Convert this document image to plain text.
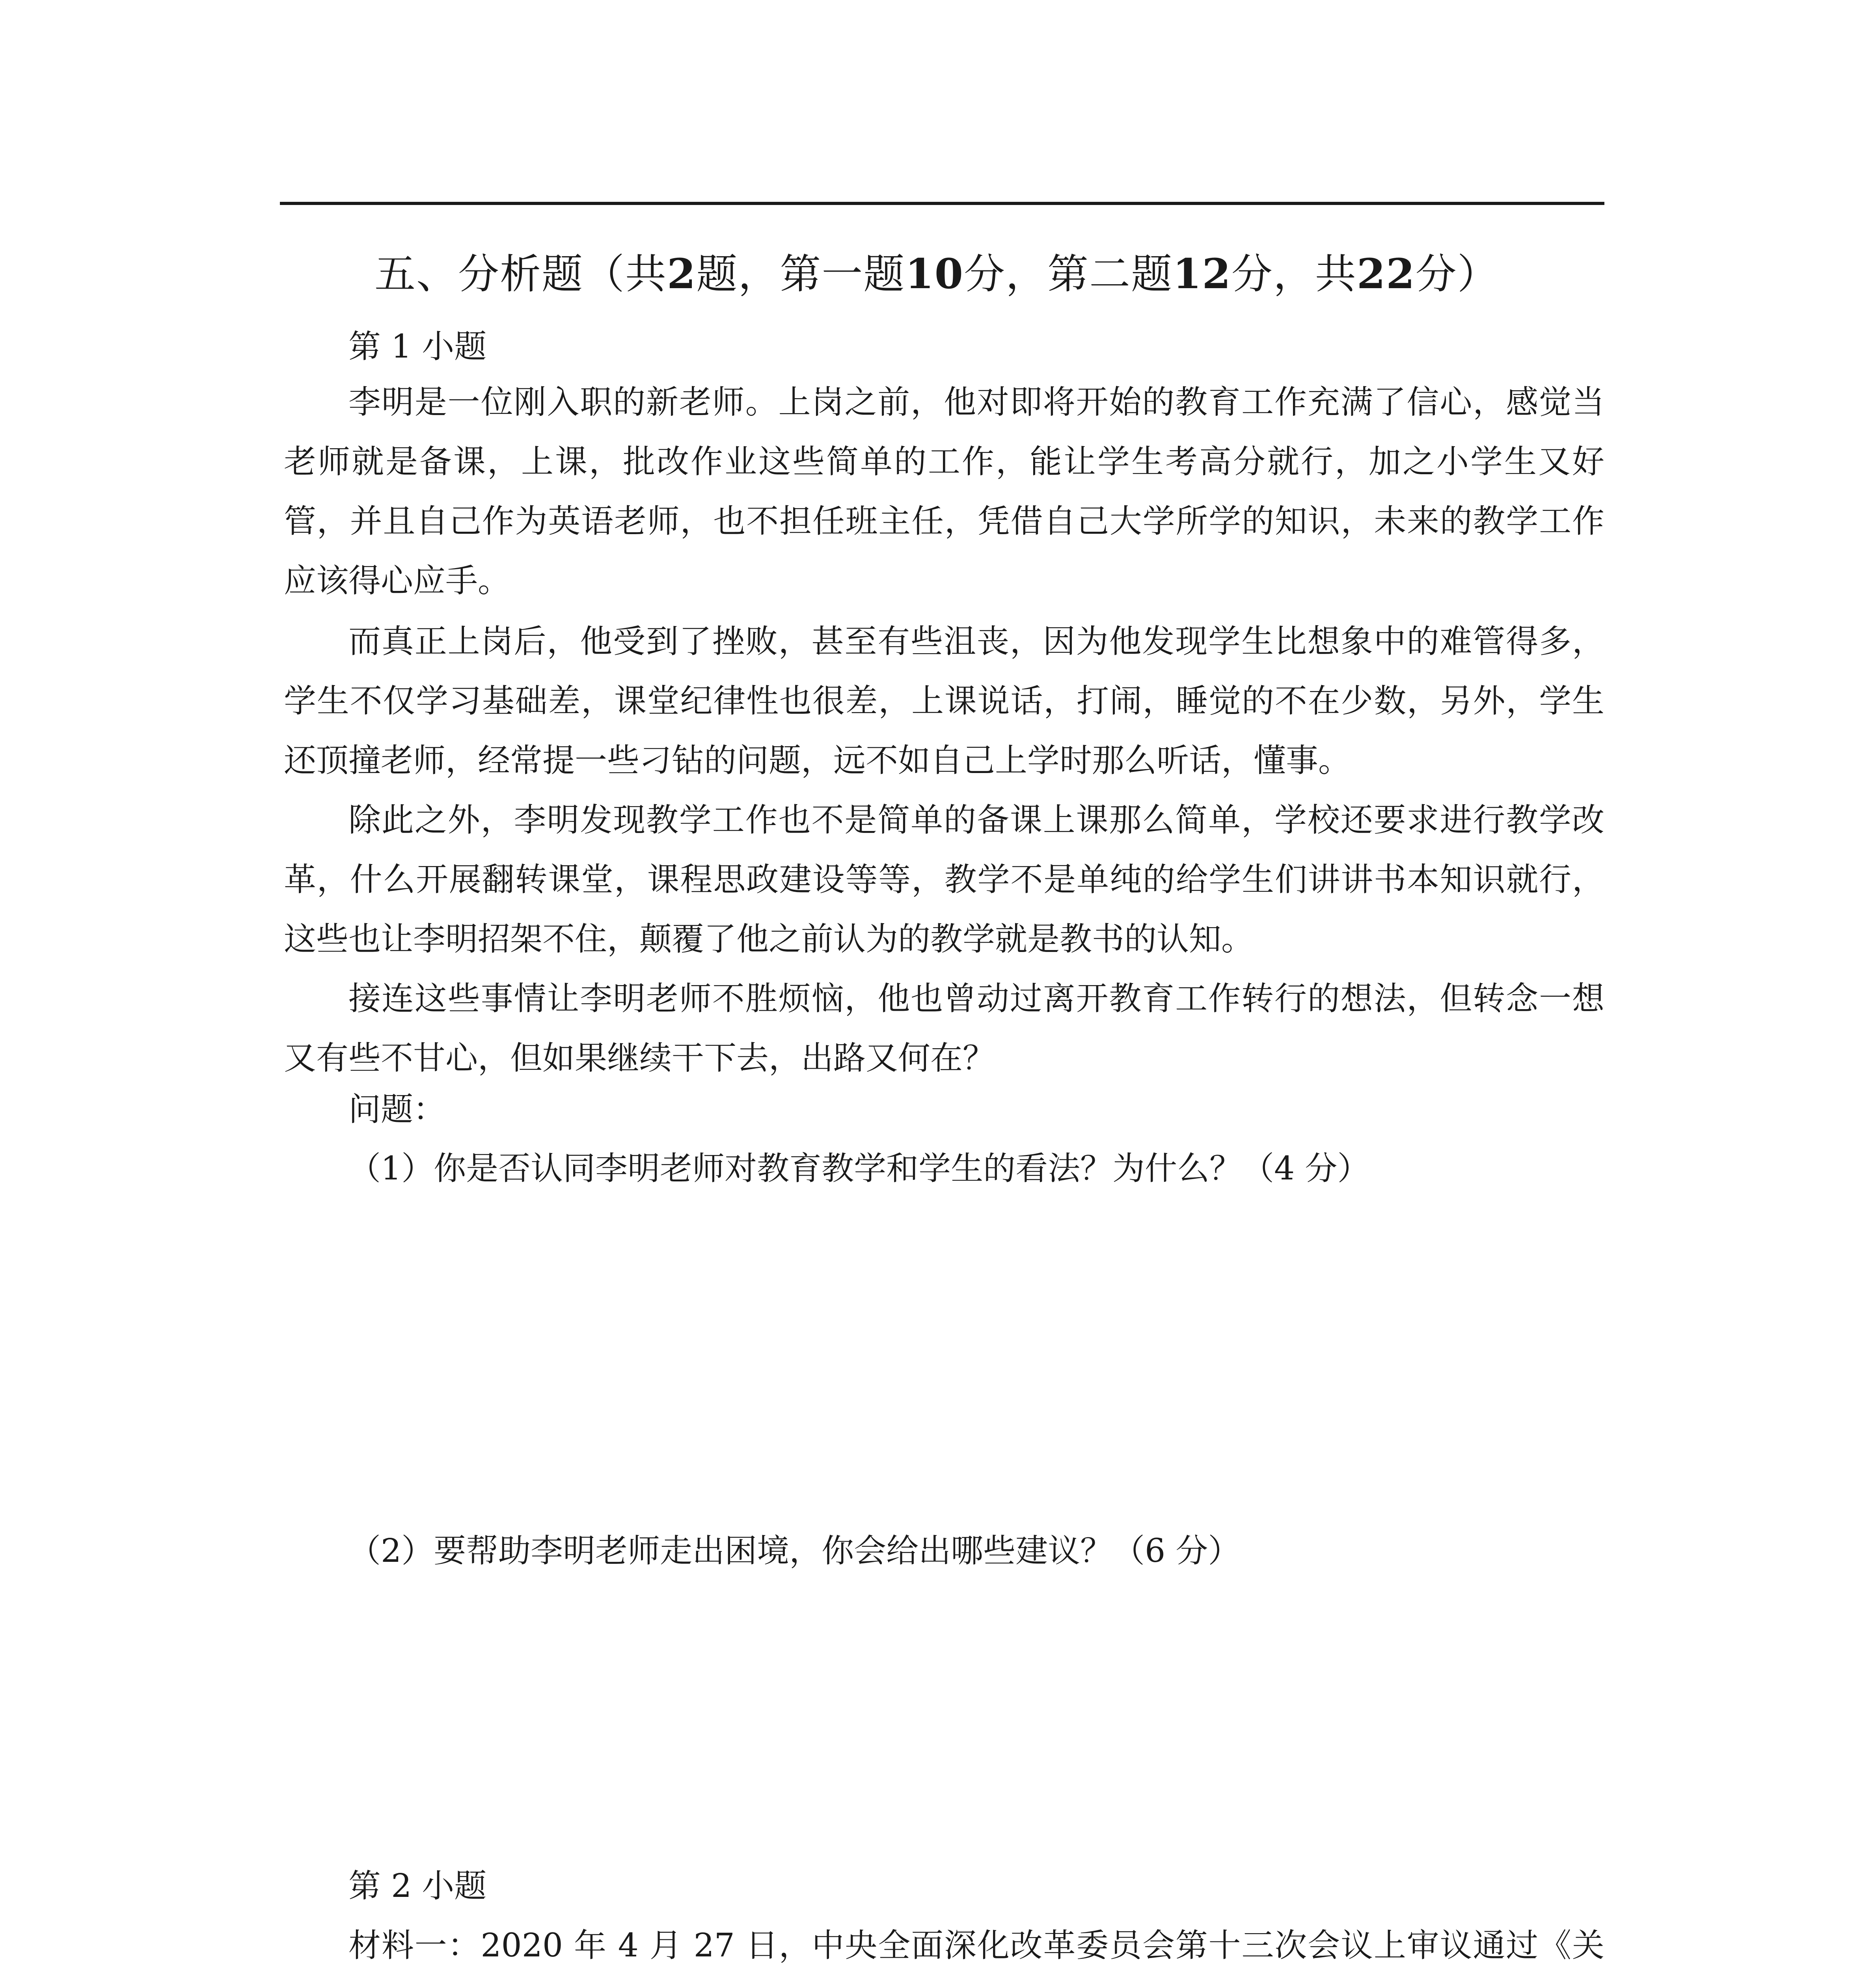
五、分析题（共2题，第一题10分，第二题12分，共22分）

第 1 小题

李明是一位刚入职的新老师。上岗之前，他对即将开始的教育工作充满了信心，感觉当老师就是备课，上课，批改作业这些简单的工作，能让学生考高分就行，加之小学生又好管，并且自己作为英语老师，也不担任班主任，凭借自己大学所学的知识，未来的教学工作应该得心应手。

而真正上岗后，他受到了挫败，甚至有些沮丧，因为他发现学生比想象中的难管得多，学生不仅学习基础差，课堂纪律性也很差，上课说话，打闹，睡觉的不在少数，另外，学生还顶撞老师，经常提一些刁钻的问题，远不如自己上学时那么听话，懂事。

除此之外，李明发现教学工作也不是简单的备课上课那么简单，学校还要求进行教学改革，什么开展翻转课堂，课程思政建设等等，教学不是单纯的给学生们讲讲书本知识就行，这些也让李明招架不住，颠覆了他之前认为的教学就是教书的认知。

接连这些事情让李明老师不胜烦恼，他也曾动过离开教育工作转行的想法，但转念一想又有些不甘心，但如果继续干下去，出路又何在？

问题：

（1）你是否认同李明老师对教育教学和学生的看法？为什么？（4 分）

（2）要帮助李明老师走出困境，你会给出哪些建议？（6 分）

第 2 小题

材料一：2020 年 4 月 27 日，中央全面深化改革委员会第十三次会议上审议通过《关
